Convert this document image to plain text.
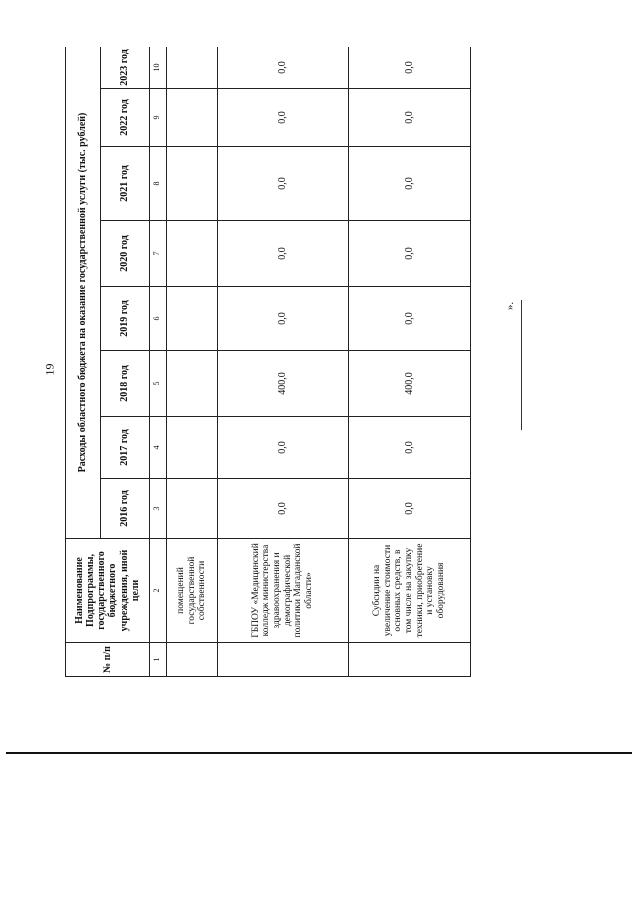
19
№ п/п	Наименование Подпрограммы, государственного бюджетного учреждения, иной цели	Расходы областного бюджета на оказание государственной услуги (тыс. рублей)							
		2016 год	2017 год	2018 год	2019 год	2020 год	2021 год	2022 год	2023 год
1	2	3	4	5	6	7	8	9	10
	помещений государственной собственности								
	ГБПОУ «Медицинский колледж министерства здравоохранения и демографической политики Магаданской области»	0,0	0,0	400,0	0,0	0,0	0,0	0,0	0,0
	Субсидии на увеличение стоимости основных средств, в том числе на закупку техники, приобретение и установку оборудования	0,0	0,0	400,0	0,0	0,0	0,0	0,0	0,0
».
